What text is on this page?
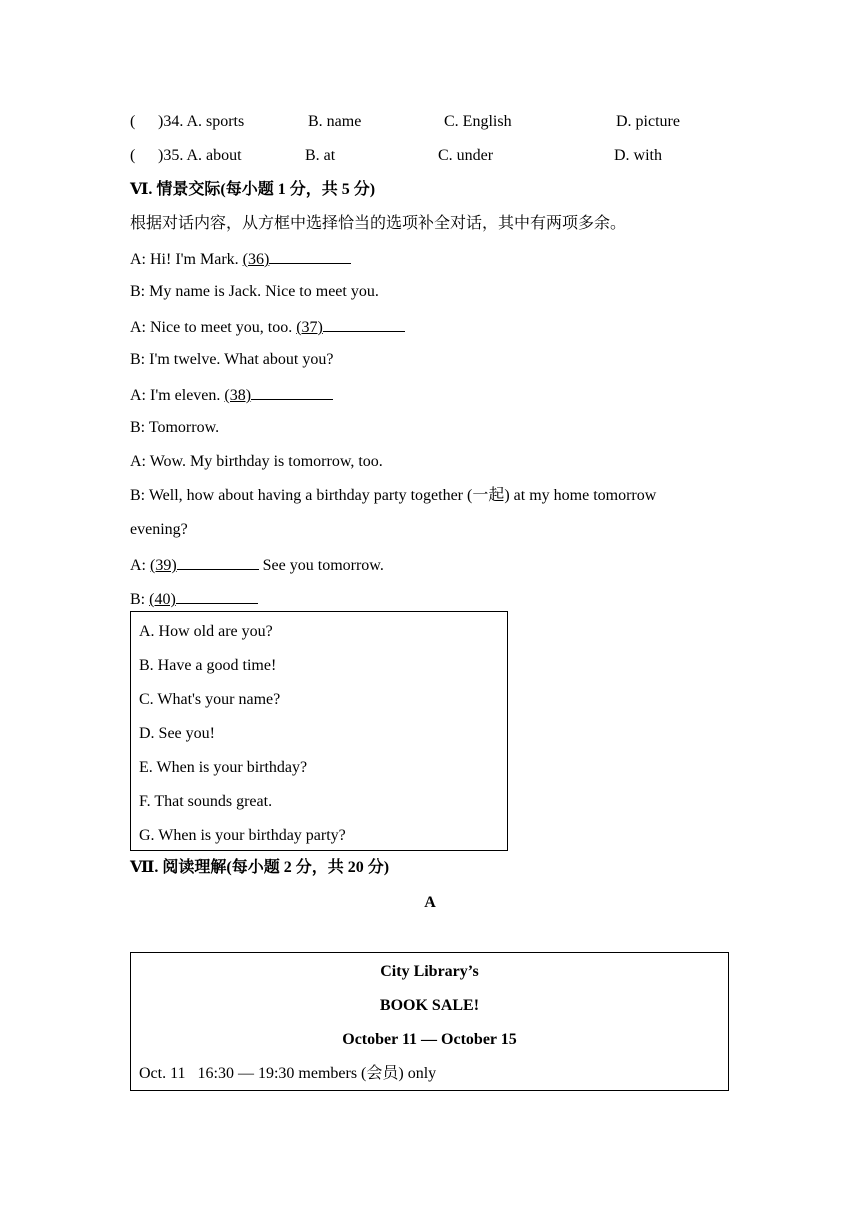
( )34. A. sports	B. name	C. English	D. picture
( )35. A. about	B. at	C. under	D. with
Ⅵ. 情景交际(每小题 1 分，共 5 分)
根据对话内容，从方框中选择恰当的选项补全对话，其中有两项多余。
A: Hi! I'm Mark. (36)
B: My name is Jack. Nice to meet you.
A: Nice to meet you, too. (37)
B: I'm twelve. What about you?
A: I'm eleven. (38)
B: Tomorrow.
A: Wow. My birthday is tomorrow, too.
B: Well, how about having a birthday party together (一起) at my home tomorrow
evening?
A: (39)	See you tomorrow.
B: (40)
A. How old are you?
B. Have a good time!
C. What's your name?
D. See you!
E. When is your birthday?
F. That sounds great.
G. When is your birthday party?
Ⅶ. 阅读理解(每小题 2 分，共 20 分)
A
City Library’s
BOOK SALE!
October 11 — October 15
Oct. 11   16:30 — 19:30 members (会员) only
